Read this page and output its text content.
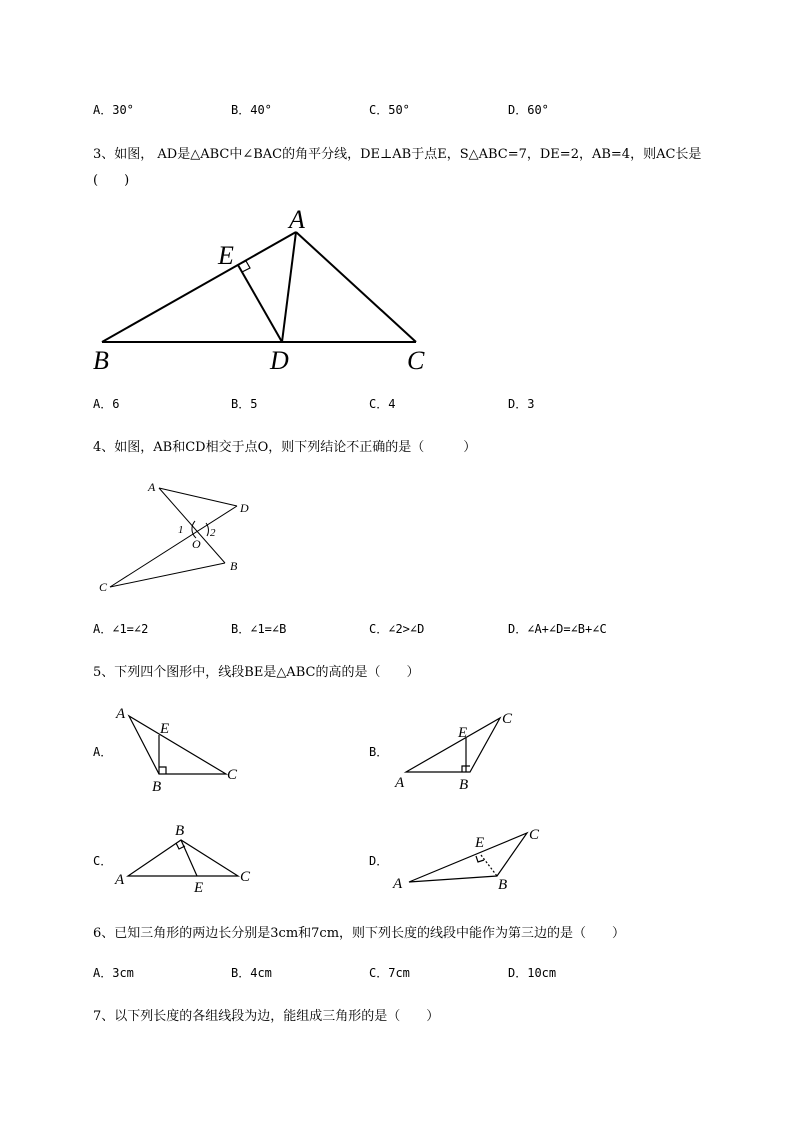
A．30°	B．40°	C．50°	D．60°
3、如图， AD是△ABC中∠BAC的角平分线，DE⊥AB于点E，S△ABC=7，DE=2，AB=4，则AC长是
(　　)
A
E
B	D	C
A．6	B．5	C．4	D．3
4、如图，AB和CD相交于点O，则下列结论不正确的是（　　　）
A
D
1 2
O
B
C
A．∠1=∠2	B．∠1=∠B	C．∠2>∠D	D．∠A+∠D=∠B+∠C
5、下列四个图形中，线段BE是△ABC的高的是（　　）
A．	B．
C．	D．
A
E
B
C
C
E
A	B
B
A	E
C
E	C
A	B
6、已知三角形的两边长分别是3cm和7cm，则下列长度的线段中能作为第三边的是（　　）
A．3cm	B．4cm	C．7cm	D．10cm
7、以下列长度的各组线段为边，能组成三角形的是（　　）
